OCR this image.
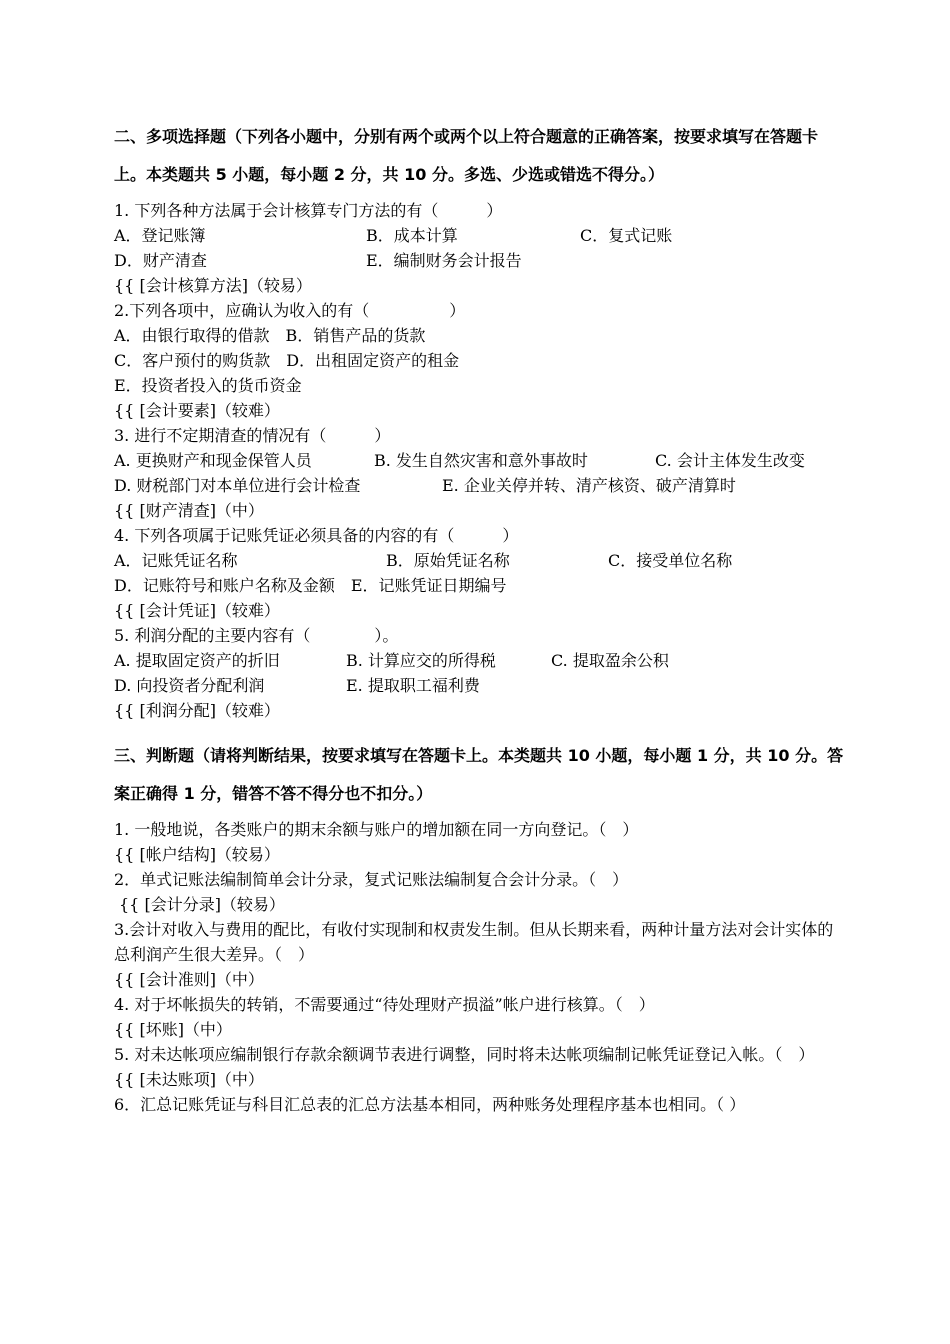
二、多项选择题（下列各小题中，分别有两个或两个以上符合题意的正确答案，按要求填写在答题卡上。本类题共 5 小题，每小题 2 分，共 10 分。多选、少选或错选不得分。）

1. 下列各种方法属于会计核算专门方法的有（　　　）
A．登记账簿	B．成本计算	C．复式记账
D．财产清查	E．编制财务会计报告
{{ [会计核算方法]（较易）
2.下列各项中，应确认为收入的有（　　　　　）
A．由银行取得的借款　B．销售产品的货款
C．客户预付的购货款　D．出租固定资产的租金
E．投资者投入的货币资金
{{ [会计要素]（较难）
3. 进行不定期清查的情况有（　　　）
A. 更换财产和现金保管人员	B. 发生自然灾害和意外事故时	C. 会计主体发生改变
D. 财税部门对本单位进行会计检查	E. 企业关停并转、清产核资、破产清算时
{{ [财产清查]（中）
4. 下列各项属于记账凭证必须具备的内容的有（　　　）
A．记账凭证名称	B．原始凭证名称	C．接受单位名称
D．记账符号和账户名称及金额　E．记账凭证日期编号
{{ [会计凭证]（较难）
5. 利润分配的主要内容有（　　　　）。
A. 提取固定资产的折旧	B. 计算应交的所得税	C. 提取盈余公积
D. 向投资者分配利润	E. 提取职工福利费
{{ [利润分配]（较难）

三、判断题（请将判断结果，按要求填写在答题卡上。本类题共 10 小题，每小题 1 分，共 10 分。答案正确得 1 分，错答不答不得分也不扣分。）

1. 一般地说，各类账户的期末余额与账户的增加额在同一方向登记。（　）
{{ [帐户结构]（较易）
2．单式记账法编制简单会计分录，复式记账法编制复合会计分录。（　）
{{ [会计分录]（较易）
3.会计对收入与费用的配比，有收付实现制和权责发生制。但从长期来看，两种计量方法对会计实体的总利润产生很大差异。（　）
{{ [会计准则]（中）
4. 对于坏帐损失的转销，不需要通过“待处理财产损溢”帐户进行核算。（　）
{{ [坏账]（中）
5. 对未达帐项应编制银行存款余额调节表进行调整，同时将未达帐项编制记帐凭证登记入帐。（　）
{{ [未达账项]（中）
6．汇总记账凭证与科目汇总表的汇总方法基本相同，两种账务处理程序基本也相同。（ ）
